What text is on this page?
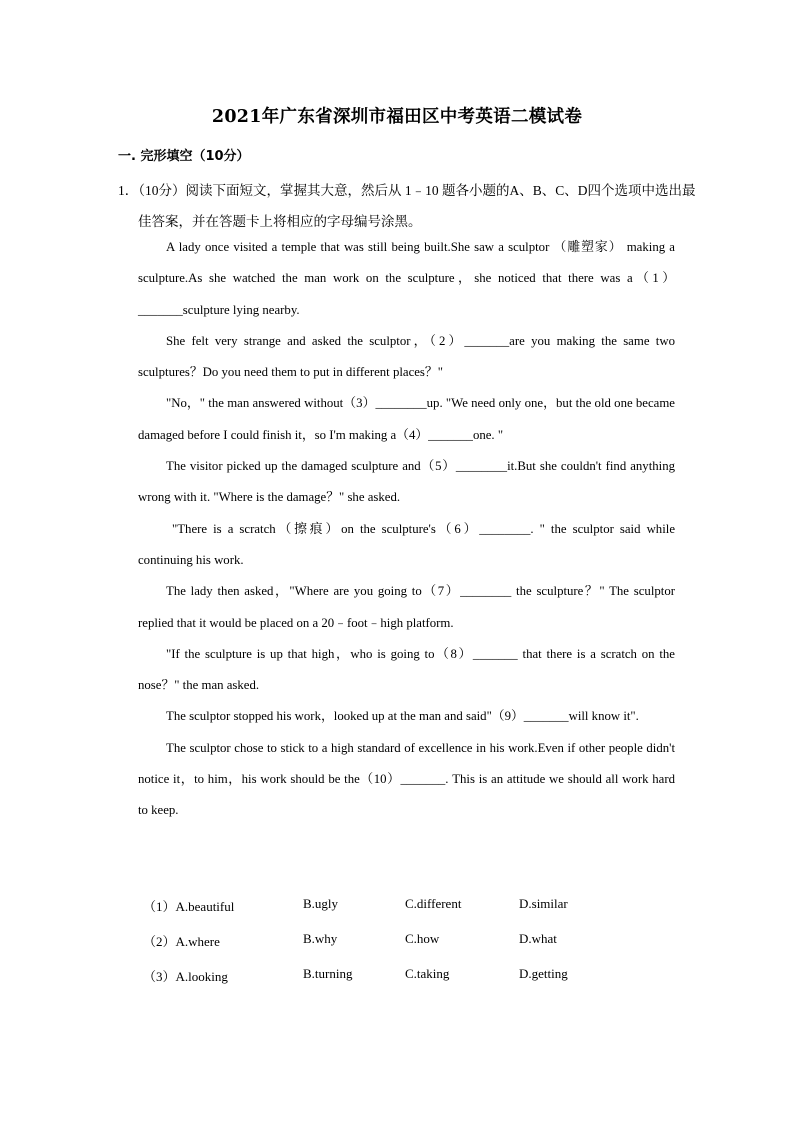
2021年广东省深圳市福田区中考英语二模试卷
一. 完形填空（10分）
1．（10分）阅读下面短文，掌握其大意，然后从 1﹣10 题各小题的A、B、C、D四个选项中选出最佳答案，并在答题卡上将相应的字母编号涂黑。

A lady once visited a temple that was still being built.She saw a sculptor （雕塑家） making a sculpture.As she watched the man work on the sculpture，she noticed that there was a（1）_______sculpture lying nearby.

She felt very strange and asked the sculptor，（2）_______are you making the same two sculptures？Do you need them to put in different places？"

"No，" the man answered without（3）________up. "We need only one，but the old one became damaged before I could finish it，so I'm making a（4）_______one. "

The visitor picked up the damaged sculpture and（5）________it.But she couldn't find anything wrong with it. "Where is the damage？" she asked.

"There is a scratch（擦痕）on the sculpture's（6）________. " the sculptor said while continuing his work.

The lady then asked，"Where are you going to（7）________ the sculpture？" The sculptor replied that it would be placed on a 20﹣foot﹣high platform.

"If the sculpture is up that high，who is going to（8）_______ that there is a scratch on the nose？" the man asked.

The sculptor stopped his work，looked up at the man and said"（9）_______will know it".

The sculptor chose to stick to a high standard of excellence in his work.Even if other people didn't notice it，to him，his work should be the（10）_______. This is an attitude we should all work hard to keep.

（1）A.beautiful	B.ugly	C.different	D.similar
（2）A.where	B.why	C.how	D.what
（3）A.looking	B.turning	C.taking	D.getting
